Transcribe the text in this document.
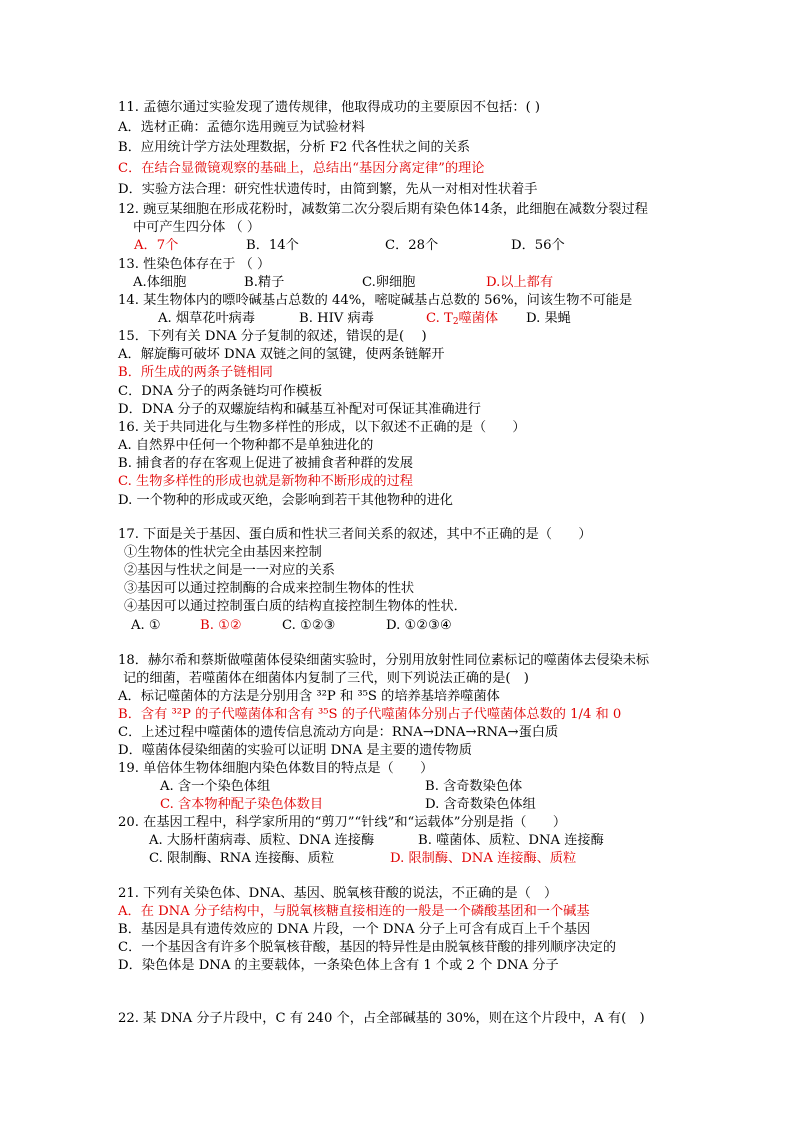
11. 孟德尔通过实验发现了遗传规律，他取得成功的主要原因不包括：( )
A．选材正确：孟德尔选用豌豆为试验材料
B．应用统计学方法处理数据，分析 F2 代各性状之间的关系
C．在结合显微镜观察的基础上，总结出“基因分离定律”的理论
D．实验方法合理：研究性状遗传时，由简到繁，先从一对相对性状着手
12. 豌豆某细胞在形成花粉时，减数第二次分裂后期有染色体14条，此细胞在减数分裂过程
中可产生四分体 （ ）
A．7个	B．14个	C．28个	D．56个
13. 性染色体存在于 （ ）
A.体细胞	B.精子	C.卵细胞	D.以上都有
14. 某生物体内的嘌呤碱基占总数的 44%，嘧啶碱基占总数的 56%，问该生物不可能是
A. 烟草花叶病毒	B. HIV 病毒	C. $T_2$噬菌体 D. 果蝇
15．下列有关 DNA 分子复制的叙述，错误的是(　 )
A．解旋酶可破坏 DNA 双链之间的氢键，使两条链解开
B．所生成的两条子链相同
C．DNA 分子的两条链均可作模板
D．DNA 分子的双螺旋结构和碱基互补配对可保证其准确进行
16. 关于共同进化与生物多样性的形成，以下叙述不正确的是（　　）
A. 自然界中任何一个物种都不是单独进化的
B. 捕食者的存在客观上促进了被捕食者种群的发展
C. 生物多样性的形成也就是新物种不断形成的过程
D. 一个物种的形成或灭绝，会影响到若干其他物种的进化
17. 下面是关于基因、蛋白质和性状三者间关系的叙述，其中不正确的是（　　）
①生物体的性状完全由基因来控制
②基因与性状之间是一一对应的关系
③基因可以通过控制酶的合成来控制生物体的性状
④基因可以通过控制蛋白质的结构直接控制生物体的性状．
A. ①	B. ①②	C. ①②③	D. ①②③④
18．赫尔希和蔡斯做噬菌体侵染细菌实验时，分别用放射性同位素标记的噬菌体去侵染未标
记的细菌，若噬菌体在细菌体内复制了三代，则下列说法正确的是(　)
A．标记噬菌体的方法是分别用含 ³²P 和 ³⁵S 的培养基培养噬菌体
B．含有 ³²P 的子代噬菌体和含有 ³⁵S 的子代噬菌体分别占子代噬菌体总数的 1/4 和 0
C．上述过程中噬菌体的遗传信息流动方向是：RNA→DNA→RNA→蛋白质
D．噬菌体侵染细菌的实验可以证明 DNA 是主要的遗传物质
19. 单倍体生物体细胞内染色体数目的特点是（　　）
A. 含一个染色体组	B. 含奇数染色体
C. 含本物种配子染色体数目	D. 含奇数染色体组
20. 在基因工程中，科学家所用的“剪刀”“针线”和“运载体”分别是指（　　）
A. 大肠杆菌病毒、质粒、DNA 连接酶	B. 噬菌体、质粒、DNA 连接酶
C. 限制酶、RNA 连接酶、质粒	D. 限制酶、DNA 连接酶、质粒
21. 下列有关染色体、DNA、基因、脱氧核苷酸的说法，不正确的是（　）
A．在 DNA 分子结构中，与脱氧核糖直接相连的一般是一个磷酸基团和一个碱基
B．基因是具有遗传效应的 DNA 片段，一个 DNA 分子上可含有成百上千个基因
C．一个基因含有许多个脱氧核苷酸，基因的特异性是由脱氧核苷酸的排列顺序决定的
D．染色体是 DNA 的主要载体，一条染色体上含有 1 个或 2 个 DNA 分子
22. 某 DNA 分子片段中，C 有 240 个，占全部碱基的 30%，则在这个片段中，A 有(　)
